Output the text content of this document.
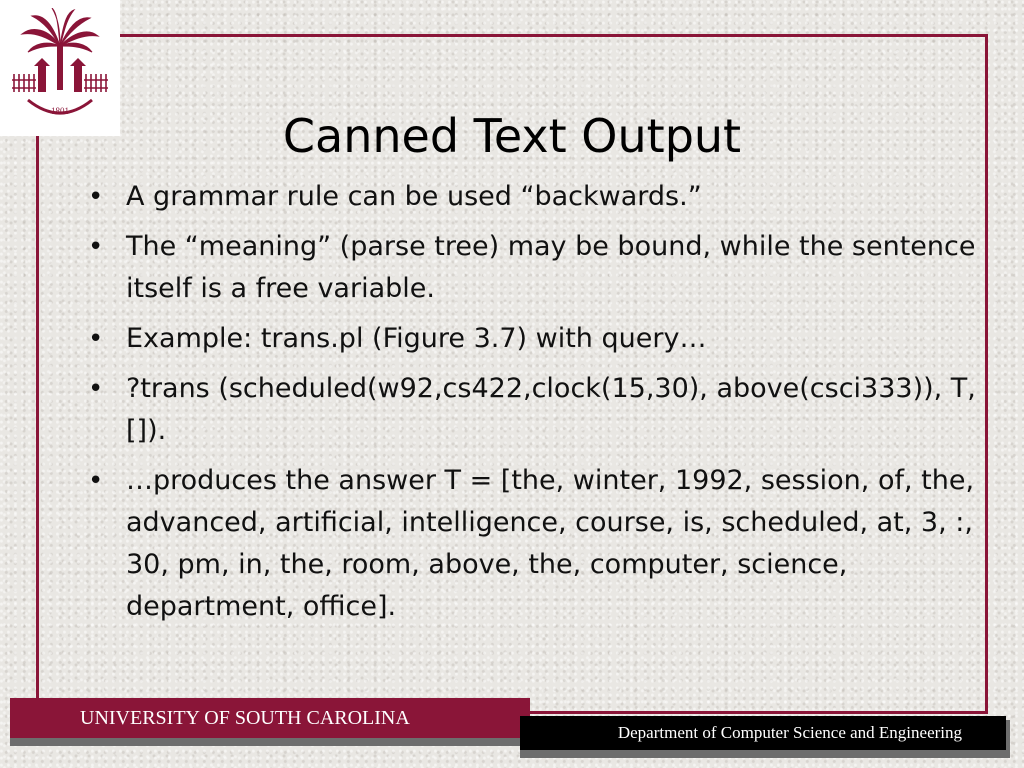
1801	Canned Text Output
• A grammar rule can be used “backwards.”
• The “meaning” (parse tree) may be bound, while the sentence itself is a free variable.
• Example: trans.pl (Figure 3.7) with query…
• ?trans (scheduled(w92,cs422,clock(15,30), above(csci333)), T, []).
• …produces the answer T = [the, winter, 1992, session, of, the, advanced, artificial, intelligence, course, is, scheduled, at, 3, :, 30, pm, in, the, room, above, the, computer, science, department, office].
UNIVERSITY OF SOUTH CAROLINA
Department of Computer Science and Engineering
